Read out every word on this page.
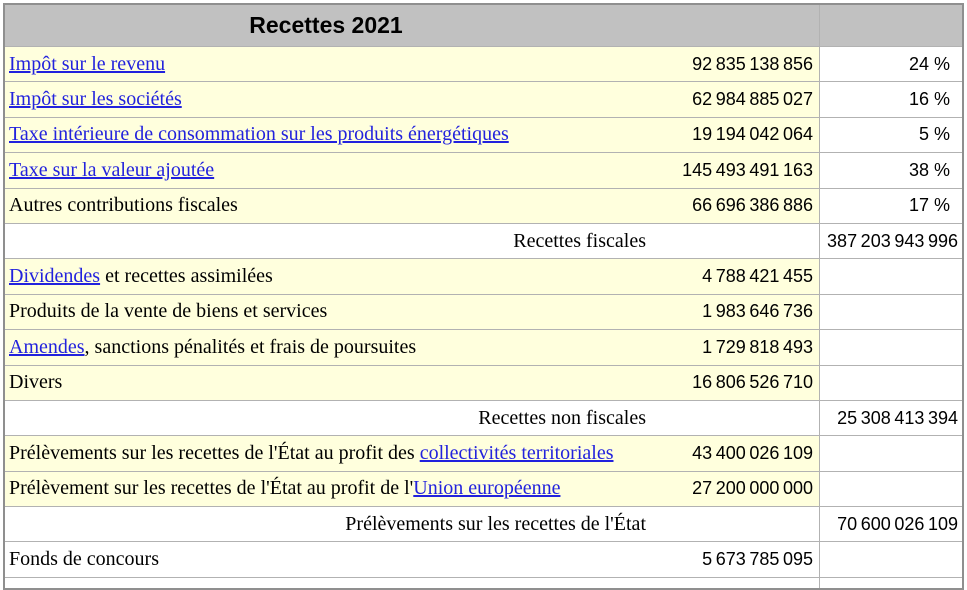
Recettes 2021		
Impôt sur le revenu	92 835 138 856	24 %
Impôt sur les sociétés	62 984 885 027	16 %
Taxe intérieure de consommation sur les produits énergétiques	19 194 042 064	5 %
Taxe sur la valeur ajoutée	145 493 491 163	38 %
Autres contributions fiscales	66 696 386 886	17 %
Recettes fiscales		387 203 943 996
Dividendes et recettes assimilées	4 788 421 455	
Produits de la vente de biens et services	1 983 646 736	
Amendes, sanctions pénalités et frais de poursuites	1 729 818 493	
Divers	16 806 526 710	
Recettes non fiscales		25 308 413 394
Prélèvements sur les recettes de l'État au profit des collectivités territoriales	43 400 026 109	
Prélèvement sur les recettes de l'État au profit de l'Union européenne	27 200 000 000	
Prélèvements sur les recettes de l'État		70 600 026 109
Fonds de concours	5 673 785 095	
